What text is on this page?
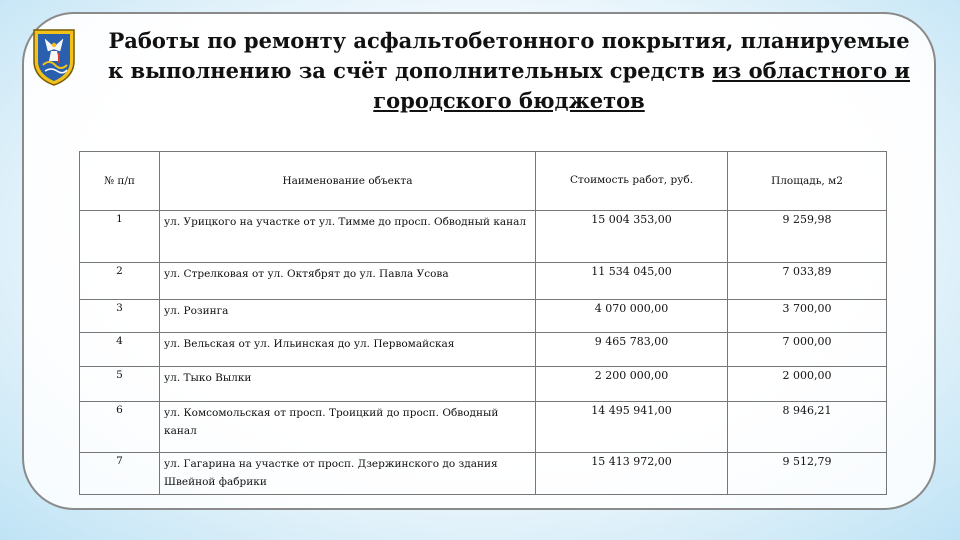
Работы по ремонту асфальтобетонного покрытия, планируемые
к выполнению за счёт дополнительных средств из областного и
городского бюджетов
№ п/п	Наименование объекта	Стоимость работ, руб.	Площадь, м2
1	ул. Урицкого на участке от ул. Тимме до просп. Обводный канал	15 004 353,00	9 259,98
2	ул. Стрелковая от ул. Октябрят до ул. Павла Усова	11 534 045,00	7 033,89
3	ул. Розинга	4 070 000,00	3 700,00
4	ул. Вельская от ул. Ильинская до ул. Первомайская	9 465 783,00	7 000,00
5	ул. Тыко Вылки	2 200 000,00	2 000,00
6	ул. Комсомольская от просп. Троицкий до просп. Обводный канал	14 495 941,00	8 946,21
7	ул. Гагарина на участке от просп. Дзержинского до здания Швейной фабрики	15 413 972,00	9 512,79
